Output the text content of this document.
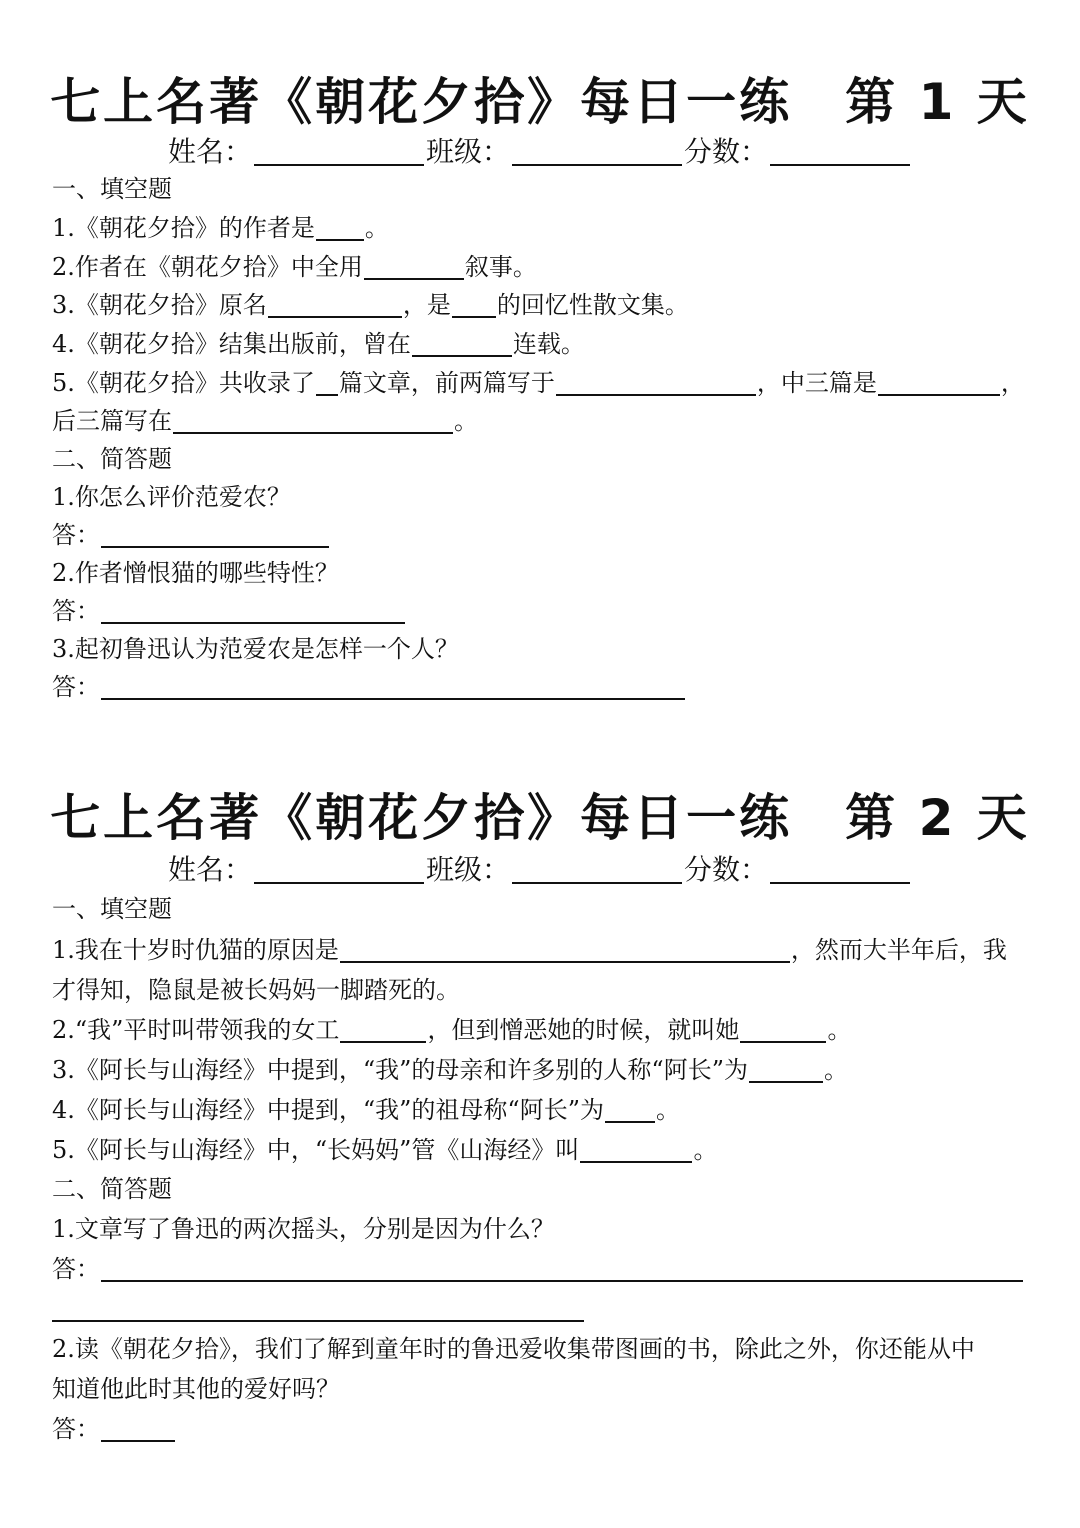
七上名著《朝花夕拾》每日一练　第 1 天
姓名：	班级：	分数：
一、填空题
1.《朝花夕拾》的作者是 。
2.作者在《朝花夕拾》中全用	叙事。
3.《朝花夕拾》原名	，是 的回忆性散文集。
4.《朝花夕拾》结集出版前，曾在	连载。
5.《朝花夕拾》共收录了 篇文章，前两篇写于	，中三篇是	，
后三篇写在	。
二、简答题
1.你怎么评价范爱农？
答：
2.作者憎恨猫的哪些特性？
答：
3.起初鲁迅认为范爱农是怎样一个人？
答：
七上名著《朝花夕拾》每日一练　第 2 天
姓名：	班级：	分数：
一、填空题
1.我在十岁时仇猫的原因是	，然而大半年后，我
才得知，隐鼠是被长妈妈一脚踏死的。
2.“我”平时叫带领我的女工	，但到憎恶她的时候，就叫她	。
3.《阿长与山海经》中提到，“我”的母亲和许多别的人称“阿长”为	。
4.《阿长与山海经》中提到，“我”的祖母称“阿长”为 。
5.《阿长与山海经》中，“长妈妈”管《山海经》叫	。
二、简答题
1.文章写了鲁迅的两次摇头，分别是因为什么？
答：
2.读《朝花夕拾》，我们了解到童年时的鲁迅爱收集带图画的书，除此之外，你还能从中
知道他此时其他的爱好吗？
答：
